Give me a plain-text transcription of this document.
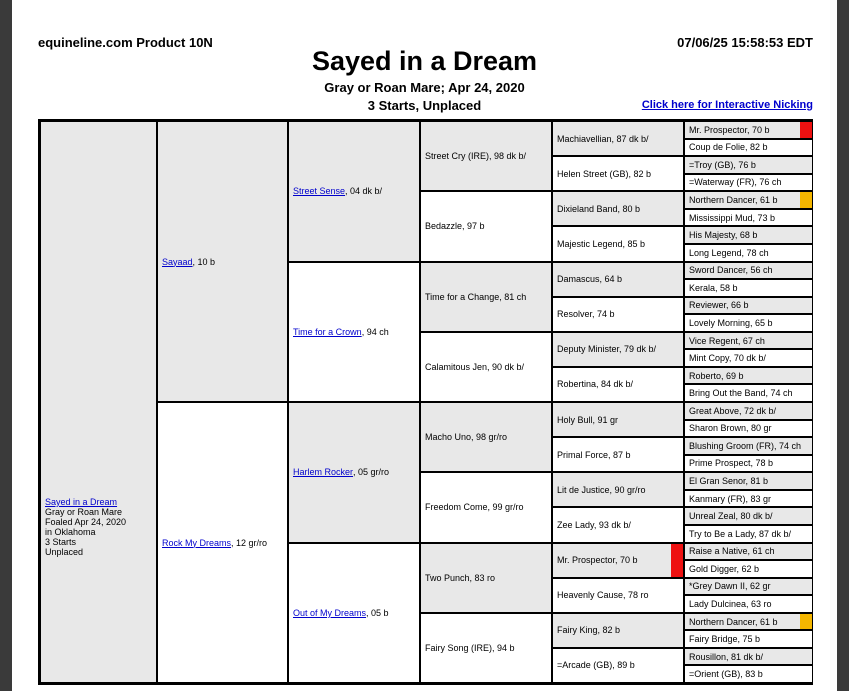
equineline.com Product 10N	07/06/25 15:58:53 EDT
Sayed in a Dream
Gray or Roan Mare; Apr 24, 2020
3 Starts, Unplaced	Click here for Interactive Nicking
Sayed in a Dream
Gray or Roan Mare
Foaled Apr 24, 2020
in Oklahoma
3 Starts
Unplaced
Sayaad , 10 b
Rock My Dreams , 12 gr/ro
Street Sense , 04 dk b/
Time for a Crown , 94 ch
Harlem Rocker , 05 gr/ro
Out of My Dreams , 05 b
Street Cry (IRE), 98 dk b/
Bedazzle, 97 b
Time for a Change, 81 ch
Calamitous Jen, 90 dk b/
Macho Uno, 98 gr/ro
Freedom Come, 99 gr/ro
Two Punch, 83 ro
Fairy Song (IRE), 94 b
Machiavellian, 87 dk b/
Helen Street (GB), 82 b
Dixieland Band, 80 b
Majestic Legend, 85 b
Damascus, 64 b
Resolver, 74 b
Deputy Minister, 79 dk b/
Robertina, 84 dk b/
Holy Bull, 91 gr
Primal Force, 87 b
Lit de Justice, 90 gr/ro
Zee Lady, 93 dk b/
Mr. Prospector, 70 b
Heavenly Cause, 78 ro
Fairy King, 82 b
=Arcade (GB), 89 b
Mr. Prospector, 70 b
Coup de Folie, 82 b
=Troy (GB), 76 b
=Waterway (FR), 76 ch
Northern Dancer, 61 b
Mississippi Mud, 73 b
His Majesty, 68 b
Long Legend, 78 ch
Sword Dancer, 56 ch
Kerala, 58 b
Reviewer, 66 b
Lovely Morning, 65 b
Vice Regent, 67 ch
Mint Copy, 70 dk b/
Roberto, 69 b
Bring Out the Band, 74 ch
Great Above, 72 dk b/
Sharon Brown, 80 gr
Blushing Groom (FR), 74 ch
Prime Prospect, 78 b
El Gran Senor, 81 b
Kanmary (FR), 83 gr
Unreal Zeal, 80 dk b/
Try to Be a Lady, 87 dk b/
Raise a Native, 61 ch
Gold Digger, 62 b
*Grey Dawn II, 62 gr
Lady Dulcinea, 63 ro
Northern Dancer, 61 b
Fairy Bridge, 75 b
Rousillon, 81 dk b/
=Orient (GB), 83 b
